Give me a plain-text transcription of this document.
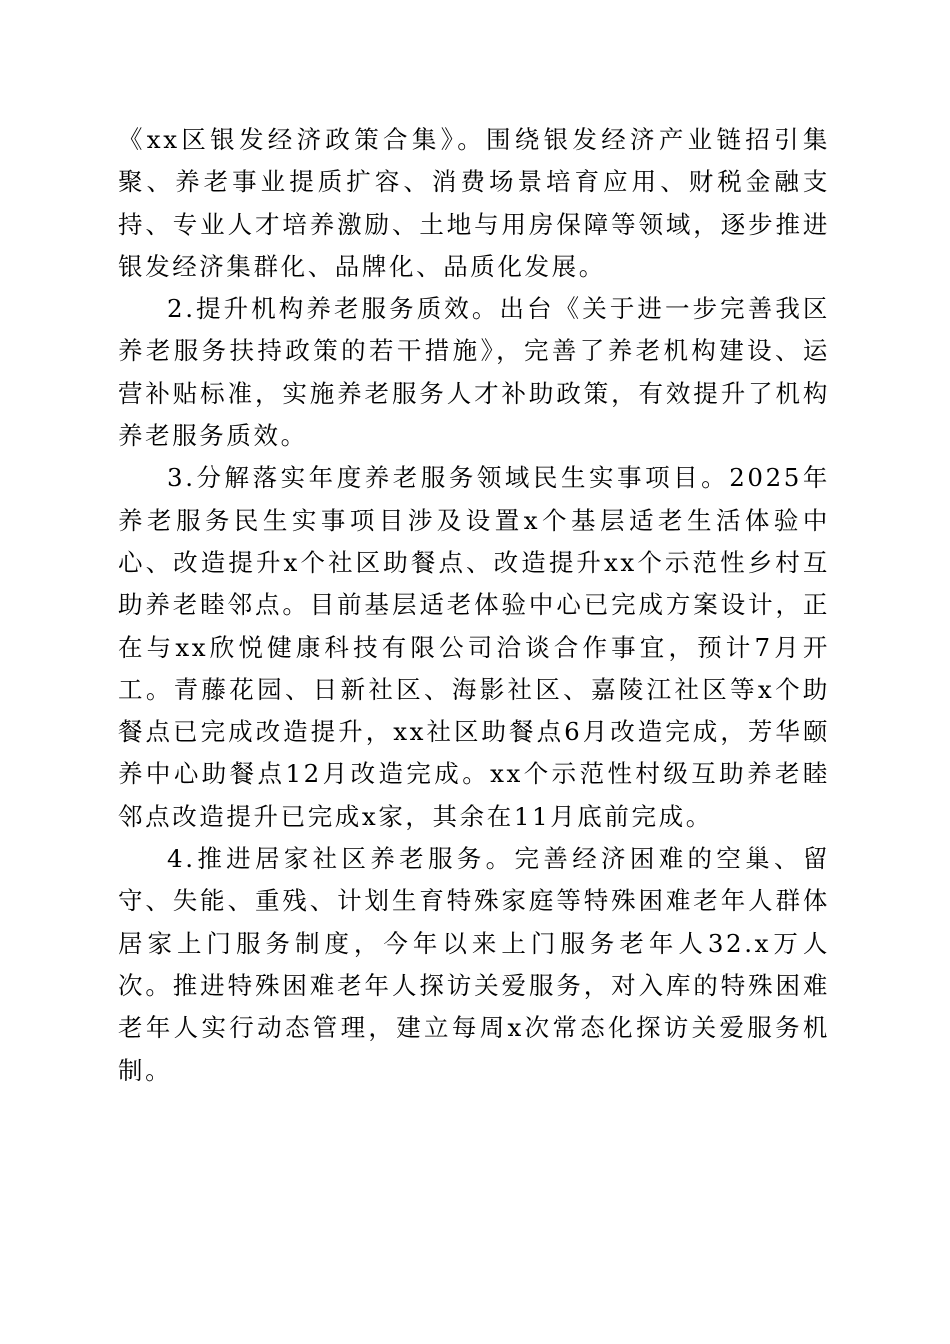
《xx区银发经济政策合集》。围绕银发经济产业链招引集聚、养老事业提质扩容、消费场景培育应用、财税金融支持、专业人才培养激励、土地与用房保障等领域，逐步推进银发经济集群化、品牌化、品质化发展。

2.提升机构养老服务质效。出台《关于进一步完善我区养老服务扶持政策的若干措施》，完善了养老机构建设、运营补贴标准，实施养老服务人才补助政策，有效提升了机构养老服务质效。

3.分解落实年度养老服务领域民生实事项目。2025年养老服务民生实事项目涉及设置x个基层适老生活体验中心、改造提升x个社区助餐点、改造提升xx个示范性乡村互助养老睦邻点。目前基层适老体验中心已完成方案设计，正在与xx欣悦健康科技有限公司洽谈合作事宜，预计7月开工。青藤花园、日新社区、海影社区、嘉陵江社区等x个助餐点已完成改造提升，xx社区助餐点6月改造完成，芳华颐养中心助餐点12月改造完成。xx个示范性村级互助养老睦邻点改造提升已完成x家，其余在11月底前完成。

4.推进居家社区养老服务。完善经济困难的空巢、留守、失能、重残、计划生育特殊家庭等特殊困难老年人群体居家上门服务制度，今年以来上门服务老年人32.x万人次。推进特殊困难老年人探访关爱服务，对入库的特殊困难老年人实行动态管理，建立每周x次常态化探访关爱服务机制。
